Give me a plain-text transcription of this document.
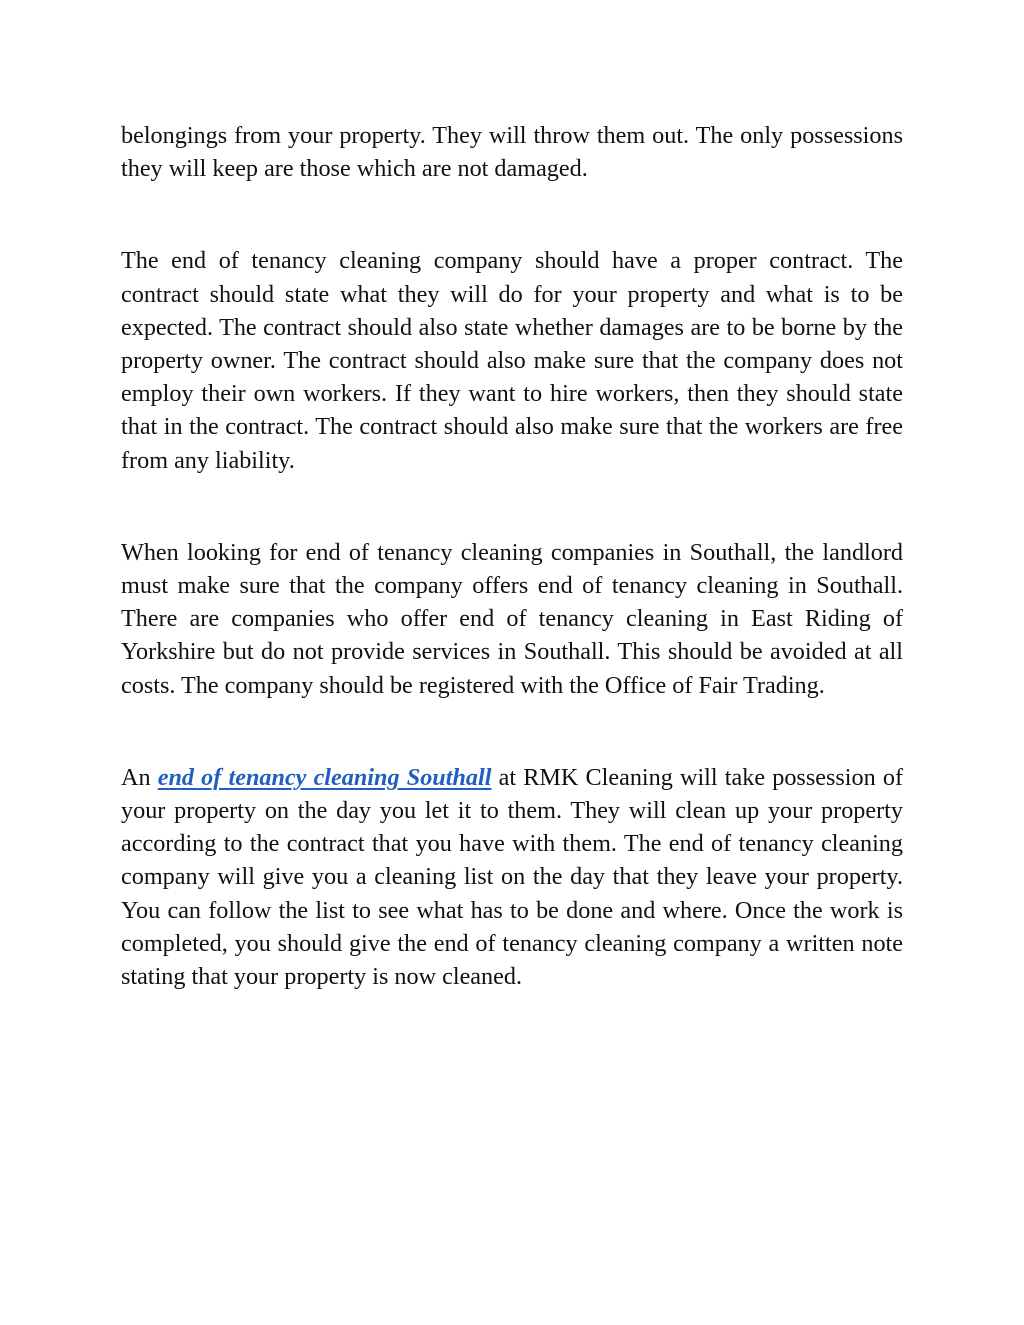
belongings from your property. They will throw them out. The only possessions they will keep are those which are not damaged.

The end of tenancy cleaning company should have a proper contract. The contract should state what they will do for your property and what is to be expected. The contract should also state whether damages are to be borne by the property owner. The contract should also make sure that the company does not employ their own workers. If they want to hire workers, then they should state that in the contract. The contract should also make sure that the workers are free from any liability.

When looking for end of tenancy cleaning companies in Southall, the landlord must make sure that the company offers end of tenancy cleaning in Southall. There are companies who offer end of tenancy cleaning in East Riding of Yorkshire but do not provide services in Southall. This should be avoided at all costs. The company should be registered with the Office of Fair Trading.

An end of tenancy cleaning Southall at RMK Cleaning will take possession of your property on the day you let it to them. They will clean up your property according to the contract that you have with them. The end of tenancy cleaning company will give you a cleaning list on the day that they leave your property. You can follow the list to see what has to be done and where. Once the work is completed, you should give the end of tenancy cleaning company a written note stating that your property is now cleaned.
